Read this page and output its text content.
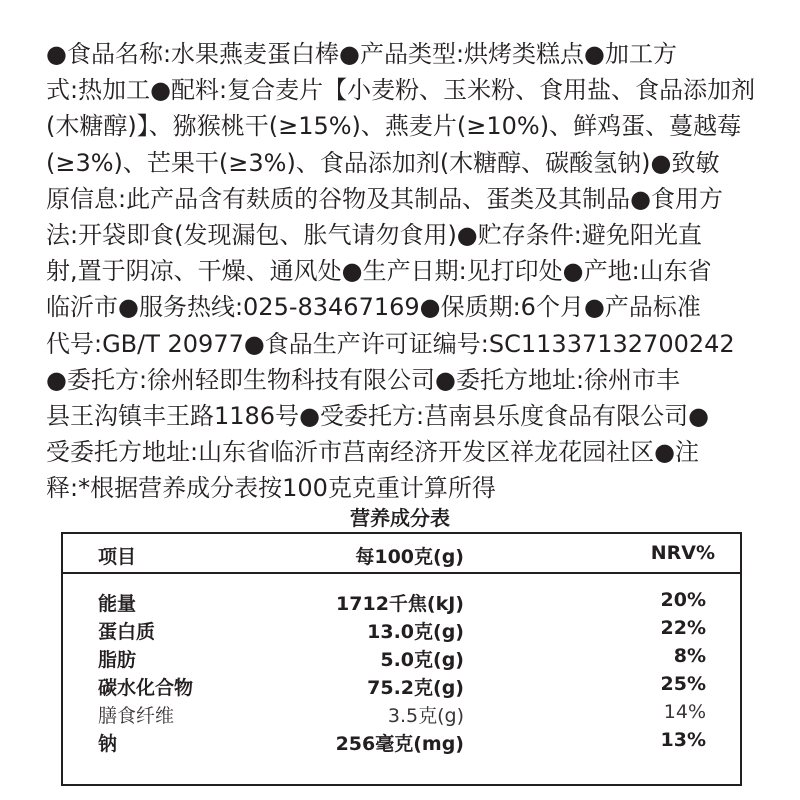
●食品名称:水果燕麦蛋白棒●产品类型:烘烤类糕点●加工方
式:热加工●配料:复合麦片【小麦粉、玉米粉、食用盐、食品添加剂
(木糖醇)】、猕猴桃干(≥15%)、燕麦片(≥10%)、鲜鸡蛋、蔓越莓
(≥3%)、芒果干(≥3%)、食品添加剂(木糖醇、碳酸氢钠)●致敏
原信息:此产品含有麸质的谷物及其制品、蛋类及其制品●食用方
法:开袋即食(发现漏包、胀气请勿食用)●贮存条件:避免阳光直
射,置于阴凉、干燥、通风处●生产日期:见打印处●产地:山东省
临沂市●服务热线:025-83467169●保质期:6个月●产品标准
代号:GB/T 20977●食品生产许可证编号:SC11337132700242
●委托方:徐州轻即生物科技有限公司●委托方地址:徐州市丰
县王沟镇丰王路1186号●受委托方:莒南县乐度食品有限公司●
受委托方地址:山东省临沂市莒南经济开发区祥龙花园社区●注
释:*根据营养成分表按100克克重计算所得
营养成分表
项目	每100克(g)	NRV%
能量	1712千焦(kJ)	20%
蛋白质	13.0克(g)	22%
脂肪	5.0克(g)	8%
碳水化合物	75.2克(g)	25%
膳食纤维	3.5克(g)	14%
钠	256毫克(mg)	13%
